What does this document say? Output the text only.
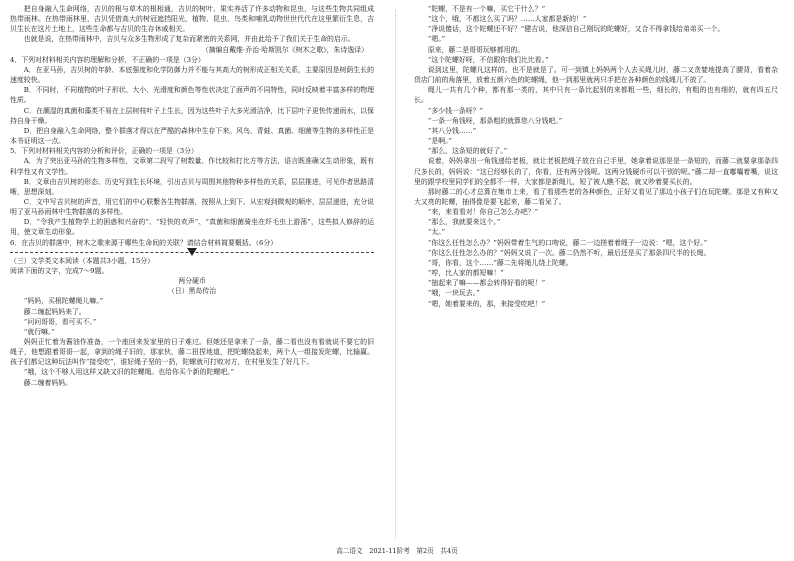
把自身融入生命网络，吉贝的根与草木的根相通，吉贝的树叶、果实养活了许多动物和昆虫，与这些生物共同组成热带雨林。在热带雨林里，吉贝凭借高大的树冠遮挡阳光，植物、昆虫、鸟类和哺乳动物世世代代在这里繁衍生息，吉贝生长在这片土地上，这些生命都与吉贝的生存休戚相关。

也就是说，在热带雨林中，吉贝与众多生物形成了复杂而紧密的关系网，并由此给予了我们关于生命的启示。

（摘编自戴维·乔治·哈斯凯尔《树木之歌》，朱诗逸译）

4．下列对材料相关内容的理解和分析，不正确的一项是（3分）

A．在亚马孙，吉贝树的年龄、本底强度和化学防御力并不能与其高大的树形成正相关关系，主要原因是树荫生长的速度较快。

B．不同时，不同植物的叶子形状、大小、光滑度和颜色等性状决定了面声的不同特性，同时反映着丰富多样的物理性质。

C．在潮湿的真菌和藻类不易在上层树枝叶子上生长，因为这些叶子大多光滑洁净，比下层叶子更快传递雨水，以保持自身干燥。

D．把自身融入生命网络，整个群落才得以在严酷的森林中生存下来。风鸟、青蛙、真菌、细菌等生物的多样性正是本书证明这一点。

5．下列对材料相关内容的分析和评价，正确的一项是（3分）

A．为了突出亚马孙的生物多样性，文章第二段写了树数量、作比较和打比方等方法，语言既准确又生动形象，既有科学性又有文学性。

B．文章由吉贝树的形态、历史写到生长环境，引出吉贝与周围其他物种多样性的关系，层层推进，可见作者思路清晰，思想深刻。

C．文中写吉贝树的声音，用它们的中心联繫各生物群落，按照从上到下、从宏观到微观的顺序，层层递进，充分说明了亚马孙雨林中生物群落的多样性。

D．“令我产生植物学上的困惑和兴奋的”、“轻快的欢声”、“真菌和细菌骑坐在纤毛虫上游荡”，这些拟人修辞的运用，使文章生动形象。

6．在吉贝的群落中，树木之歌来源于哪些生命间的关联？请结合材料简要概括。（6分）

（三）文学类文本阅读（本题共3小题，15分）

阅读下面的文字，完成7～9题。

两分硬币

（日）黑岛传治

“妈妈，买根陀螺绳儿嘛。”

藤二缠起妈妈来了。

“问问哥哥，看可买不。”

“就行嘛。”

妈妈正忙着为酱油作准备，一个座回来发家里的日子难过。但她还是拿来了一条，藤二看也没有看就说不要它的旧绳子，他想跟着哥哥一起，拿到的绳子旧的，那家伙，藤二扭捏地道，把陀螺绕起来，两个人一组接发陀螺，比输赢。孩子们都记这种玩法叫作“接受吃”，谁好绳子坚的一扔，陀螺就可打败对方，在村里发生了好几下。

“哦，这个不够人用这样又缺又旧的陀螺绳。也给你买个新的陀螺吧。”

藤二缠着妈妈。

“陀螺，不是有一个嘛，买它干什么？”

“这个，哦，不都这么买了吗？……人家都是新的！”

“净说傻话，这个陀螺还不好？”健吉说，他深信自己刚玩的陀螺好，又合不得拿钱给弟弟买一个。

“嗯。”

原来，藤二是哥哥玩够都用的。

“这个陀螺好呀，不信跟你我们比比看。”

说到这里，陀螺凡这样的。也不是就是了。可一到镇上妈妈两个人去买绳儿时，藤二又贪婪地提高了腰背，看着杂货店门前的角落里，放着五颜六色的陀螺绳，他一到那里就两只手把在各种颜色的线绳儿不放了。

绳儿一共有几个种，都有那一类的，其中只有一条比起别的来都粗一些，细长的，有粗的也有细的，就有四五尺长。

“多少钱一条呀？”

“一条一角钱呀，那条粗的就算您八分钱吧。”

“其八分钱……”

“是啊。”

“那么，这条短的就好了。”

说着，妈妈拿出一角钱递给老板，就让老板把绳子放在自己手里，她拿着说那是是一条短的，而藤二就要拿那条四尺多长的，妈妈说：“这已经够长的了，你看，还有两分钱呢。这两分钱硬币可以干别的呢。”藤二却一直嘟囔着嘴，说这里的跟学校里同学们的全都不一样，大家都是新绳儿，短了被人瞧不起，就又吵着要买长的。

那时藤二的心才总算在集市上来，看了看那些老的各种颜色，正好又看见了那边小孩子们在玩陀螺。那是又有种又大又亮的陀螺，抽得像是要飞起来，藤二看呆了。

“来，来看看对！你自己怎么办吧？”

“那么，我就要来这个。”

“太。”

“你这么任性怎么办？”妈妈带着生气的口吻说，藤二一边搓着着绳子一边说：“嗯，这个好。”

“你这么任性怎么办的？”妈妈又说了一次。藤二仍然不听，最后还是买了那条四尺半的长绳。

“哥，你看，这个……”藤二先将绳儿绕上陀螺。

“哼，比人家的都短嘛！”

“抽起来了嘛——都会转得好看的呢！”

“哦，一块玩去。”

“嗯，她着要来的，那，来接受吃吧！”

高二语文　2021-11阶考　第2页　共4页
